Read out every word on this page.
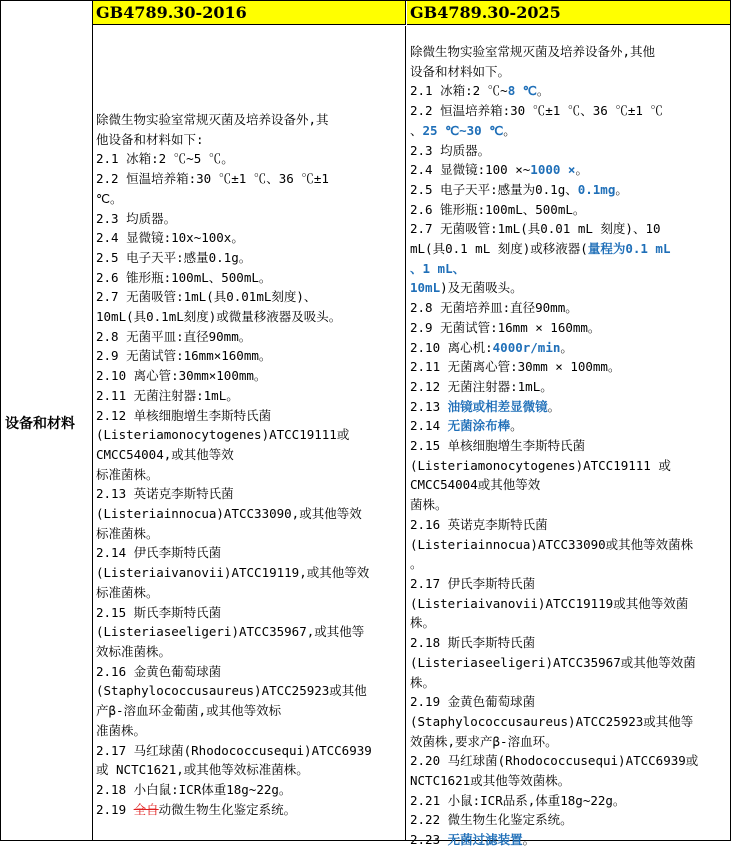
设备和材料
GB4789.30-2016	GB4789.30-2025
除微生物实验室常规灭菌及培养设备外,其
他设备和材料如下:
2.1 冰箱:2 ℃~5 ℃。
2.2 恒温培养箱:30 ℃±1 ℃、36 ℃±1
℃。
2.3 均质器。
2.4 显微镜:10x~100x。
2.5 电子天平:感量0.1g。
2.6 锥形瓶:100mL、500mL。
2.7 无菌吸管:1mL(具0.01mL刻度)、
10mL(具0.1mL刻度)或微量移液器及吸头。
2.8 无菌平皿:直径90mm。
2.9 无菌试管:16mm×160mm。
2.10 离心管:30mm×100mm。
2.11 无菌注射器:1mL。
2.12 单核细胞增生李斯特氏菌
(Listeriamonocytogenes)ATCC19111或
CMCC54004,或其他等效
标准菌株。
2.13 英诺克李斯特氏菌
(Listeriainnocua)ATCC33090,或其他等效
标准菌株。
2.14 伊氏李斯特氏菌
(Listeriaivanovii)ATCC19119,或其他等效
标准菌株。
2.15 斯氏李斯特氏菌
(Listeriaseeligeri)ATCC35967,或其他等
效标准菌株。
2.16 金黄色葡萄球菌
(Staphylococcusaureus)ATCC25923或其他
产β-溶血环金葡菌,或其他等效标
准菌株。
2.17 马红球菌(Rhodococcusequi)ATCC6939
或 NCTC1621,或其他等效标准菌株。
2.18 小白鼠:ICR体重18g~22g。
2.19 全自动微生物生化鉴定系统。
除微生物实验室常规灭菌及培养设备外,其他
设备和材料如下。
2.1 冰箱:2 ℃~8 ℃。
2.2 恒温培养箱:30 ℃±1 ℃、36 ℃±1 ℃
、25 ℃~30 ℃。
2.3 均质器。
2.4 显微镜:100 ×~1000 ×。
2.5 电子天平:感量为0.1g、0.1mg。
2.6 锥形瓶:100mL、500mL。
2.7 无菌吸管:1mL(具0.01 mL 刻度)、10
mL(具0.1 mL 刻度)或移液器(量程为0.1 mL
、1 mL、
10mL)及无菌吸头。
2.8 无菌培养皿:直径90mm。
2.9 无菌试管:16mm × 160mm。
2.10 离心机:4000r/min。
2.11 无菌离心管:30mm × 100mm。
2.12 无菌注射器:1mL。
2.13 油镜或相差显微镜。
2.14 无菌涂布棒。
2.15 单核细胞增生李斯特氏菌
(Listeriamonocytogenes)ATCC19111 或
CMCC54004或其他等效
菌株。
2.16 英诺克李斯特氏菌
(Listeriainnocua)ATCC33090或其他等效菌株
。
2.17 伊氏李斯特氏菌
(Listeriaivanovii)ATCC19119或其他等效菌
株。
2.18 斯氏李斯特氏菌
(Listeriaseeligeri)ATCC35967或其他等效菌
株。
2.19 金黄色葡萄球菌
(Staphylococcusaureus)ATCC25923或其他等
效菌株,要求产β-溶血环。
2.20 马红球菌(Rhodococcusequi)ATCC6939或
NCTC1621或其他等效菌株。
2.21 小鼠:ICR品系,体重18g~22g。
2.22 微生物生化鉴定系统。
2.23 无菌过滤装置。
